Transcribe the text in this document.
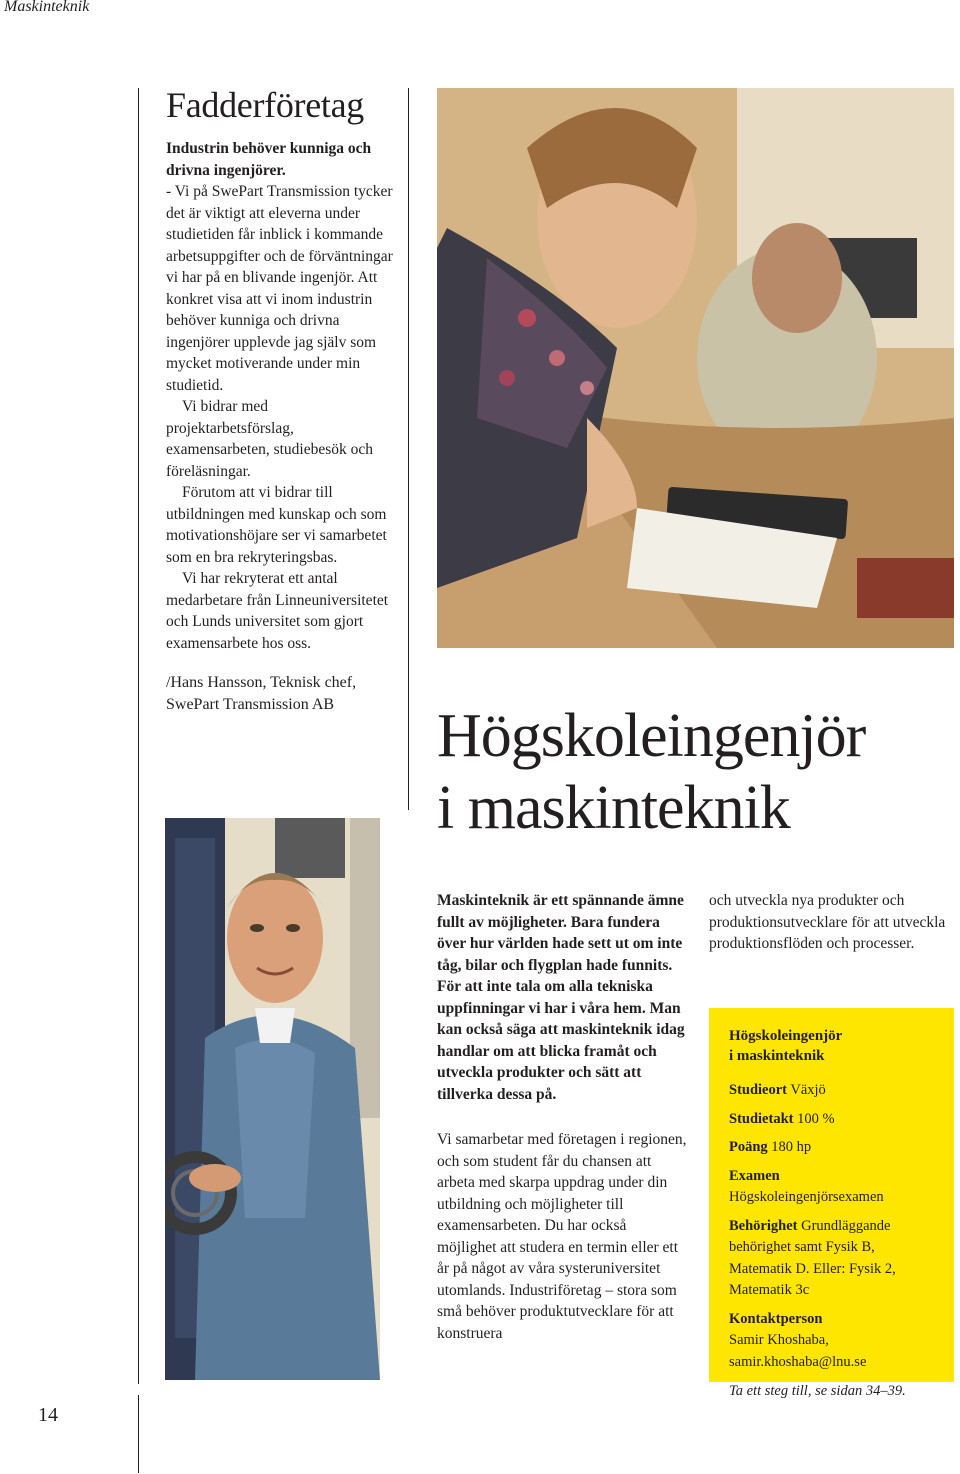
Maskinteknik
Fadderföretag

Industrin behöver kunniga och drivna ingenjörer.

- Vi på SwePart Transmission tycker det är viktigt att eleverna under studietiden får inblick i kommande arbetsuppgifter och de förväntningar vi har på en blivande ingenjör. Att konkret visa att vi inom industrin behöver kunniga och drivna ingenjörer upplevde jag själv som mycket motiverande under min studietid.

Vi bidrar med projektarbetsförslag, examensarbeten, studiebesök och föreläsningar.

Förutom att vi bidrar till utbildningen med kunskap och som motivationshöjare ser vi samarbetet som en bra rekryteringsbas.

Vi har rekryterat ett antal medarbetare från Linneuniversitetet och Lunds universitet som gjort examensarbete hos oss.

/Hans Hansson, Teknisk chef,
SwePart Transmission AB	Högskoleingenjör
i maskinteknik

Maskinteknik är ett spännande ämne fullt av möjligheter. Bara fundera över hur världen hade sett ut om inte tåg, bilar och flygplan hade funnits. För att inte tala om alla tekniska uppfinningar vi har i våra hem. Man kan också säga att maskinteknik idag handlar om att blicka framåt och utveckla produkter och sätt att tillverka dessa på.

Vi samarbetar med företagen i regionen, och som student får du chansen att arbeta med skarpa uppdrag under din utbildning och möjligheter till examensarbeten. Du har också möjlighet att studera en termin eller ett år på något av våra systeruniversitet utomlands. Industriföretag – stora som små behöver produktutvecklare för att konstruera

och utveckla nya produkter och produktionsutvecklare för att utveckla produktionsflöden och processer.

Högskoleingenjör
i maskinteknik

Studieort Växjö

Studietakt 100 %

Poäng 180 hp

Examen Högskoleingenjörsexamen

Behörighet Grundläggande behörighet samt Fysik B, Matematik D. Eller: Fysik 2, Matematik 3c

Kontaktperson
Samir Khoshaba,
samir.khoshaba@lnu.se

Ta ett steg till, se sidan 34–39.

14
